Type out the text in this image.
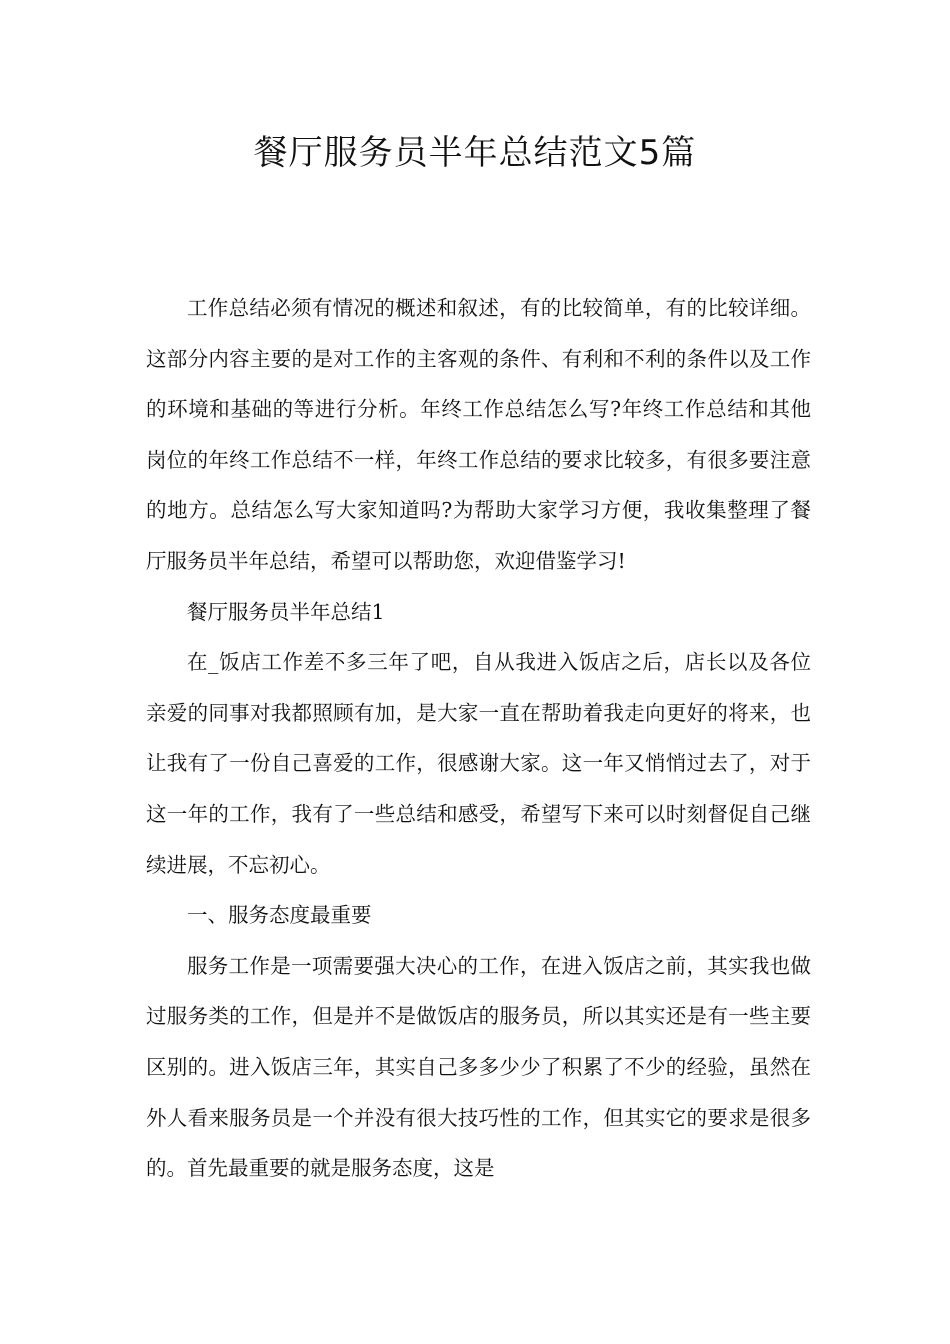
餐厅服务员半年总结范文5篇

工作总结必须有情况的概述和叙述，有的比较简单，有的比较详细。这部分内容主要的是对工作的主客观的条件、有利和不利的条件以及工作的环境和基础的等进行分析。年终工作总结怎么写?年终工作总结和其他岗位的年终工作总结不一样，年终工作总结的要求比较多，有很多要注意的地方。总结怎么写大家知道吗?为帮助大家学习方便，我收集整理了餐厅服务员半年总结，希望可以帮助您，欢迎借鉴学习!

餐厅服务员半年总结1

在_饭店工作差不多三年了吧，自从我进入饭店之后，店长以及各位亲爱的同事对我都照顾有加，是大家一直在帮助着我走向更好的将来，也让我有了一份自己喜爱的工作，很感谢大家。这一年又悄悄过去了，对于这一年的工作，我有了一些总结和感受，希望写下来可以时刻督促自己继续进展，不忘初心。

一、服务态度最重要

服务工作是一项需要强大决心的工作，在进入饭店之前，其实我也做过服务类的工作，但是并不是做饭店的服务员，所以其实还是有一些主要区别的。进入饭店三年，其实自己多多少少了积累了不少的经验，虽然在外人看来服务员是一个并没有很大技巧性的工作，但其实它的要求是很多的。首先最重要的就是服务态度，这是
